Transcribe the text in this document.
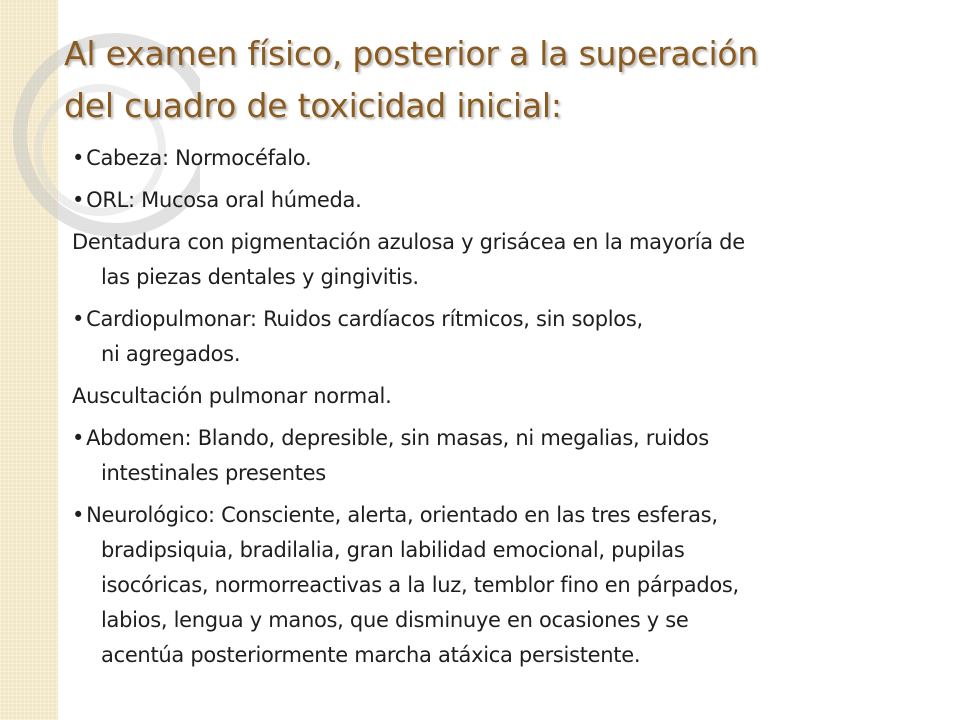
Al examen físico, posterior a la superación
del cuadro de toxicidad inicial:

•Cabeza: Normocéfalo.

•ORL: Mucosa oral húmeda.

Dentadura con pigmentación azulosa y grisácea en la mayoría de
las piezas dentales y gingivitis.

•Cardiopulmonar: Ruidos cardíacos rítmicos, sin soplos,
ni agregados.

Auscultación pulmonar normal.

•Abdomen: Blando, depresible, sin masas, ni megalias, ruidos
intestinales presentes

•Neurológico: Consciente, alerta, orientado en las tres esferas,
bradipsiquia, bradilalia, gran labilidad emocional, pupilas
isocóricas, normorreactivas a la luz, temblor fino en párpados,
labios, lengua y manos, que disminuye en ocasiones y se
acentúa posteriormente marcha atáxica persistente.
